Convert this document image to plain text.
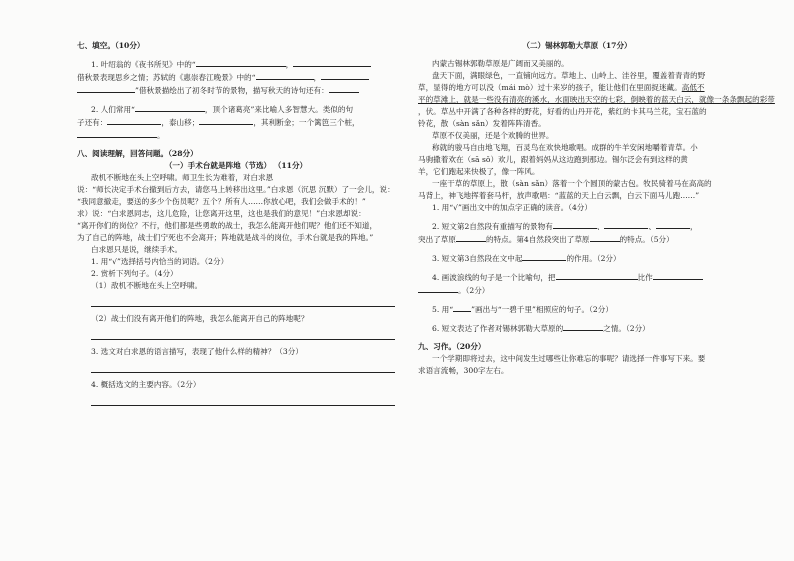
七、填空。（10分）
1. 叶绍翁的《夜书所见》中的“	，
借秋景表现思乡之情；苏轼的《惠崇春江晚景》中的“	，
”借秋景描绘出了初冬时节的景物，描写秋天的诗句还有：
2. 人们常用“	，顶个诸葛亮”来比喻人多智慧大。类似的句
子还有：	，泰山移；	，其利断金；一个篱笆三个桩，
。
八、阅读理解，回答问题。（28分）
（一）手术台就是阵地（节选） （11分）
敌机不断地在头上空呼啸。师卫生长为难着，对白求恩
说：“师长决定手术台撤到后方去，请您马上转移出这里。”白求恩（沉思 沉默）了一会儿，说：
“我同意撤走，要送的多少个伤员呢？五个？所有人……你放心吧，我们会做手术的！”
求）说：“白求恩同志，这儿危险，让您离开这里，这也是我们的意见！”白求恩却说：
“离开你们的岗位？不行，他们都是些勇敢的战士，我怎么能离开他们呢？他们还不知道，
为了自己的阵地，战士们宁死也不会离开；阵地就是战斗的岗位，手术台就是我的阵地。”
白求恩只是说，继续手术。
1. 用“√”选择括号内恰当的词语。（2分）
2. 赏析下列句子。（4分）
（1）敌机不断地在头上空呼啸。
（2）战士们没有离开他们的阵地，我怎么能离开自己的阵地呢？
3. 选文对白求恩的语言描写，表现了他什么样的精神？（3分）
4. 概括选文的主要内容。（2分）
（二）锡林郭勒大草原（17分）
内蒙古锡林郭勒草原是广阔而又美丽的。
盘天下面，满眼绿色，一直铺向远方。草地上、山岭上、洼谷里，覆盖着青青的野
草，显得的地方可以没（mái mò）过十来岁的孩子，能让他们在里面捉迷藏。高低不
平的草滩上，就是一些没有清亮的溪水，水面映出天空的七彩，倒映着的蓝天白云，就像一条条飘起的彩带
，伏。草丛中开满了各种各样的野花，好看的山丹开花，紫红的卡其马兰花，宝石蓝的
铃花，散（sàn sǎn）发着阵阵清香。
草原不仅美丽，还是个欢腾的世界。
称就的骏马自由地飞翔，百灵鸟在欢快地歌唱。成群的牛羊安闲地嚼着青草。小
马驹撒着欢在（sā sǒ）欢儿，跟着妈妈从这边跑到那边。锡尔泛会有到这样的黄
羊，它们跑起来快极了，像一阵风。
一座干草的草原上，散（sàn sǎn）落着一个个圆顶的蒙古包。牧民骑着马在高高的
马背上，神飞地挥着套马杆，放声歌唱：“蓝蓝的天上白云飘，白云下面马儿跑……”
1. 用“√”画出文中的加点字正确的读音。（4分）
2. 短文第2自然段有重描写的景物有	、	、	，
突出了草原	的特点。第4自然段突出了草原	的特点。（5分）
3. 短文第3自然段在文中起	的作用。（2分）
4. 画波浪线的句子是一个比喻句，把	比作
。（2分）
5. 用“ ”画出与“一碧千里”相照应的句子。（2分）
6. 短文表达了作者对锡林郭勒大草原的	之情。（2分）
九、习作。（20分）
一个学期即将过去，这中间发生过哪些让你难忘的事呢？请选择一件事写下来。要
求语言流畅，300字左右。
